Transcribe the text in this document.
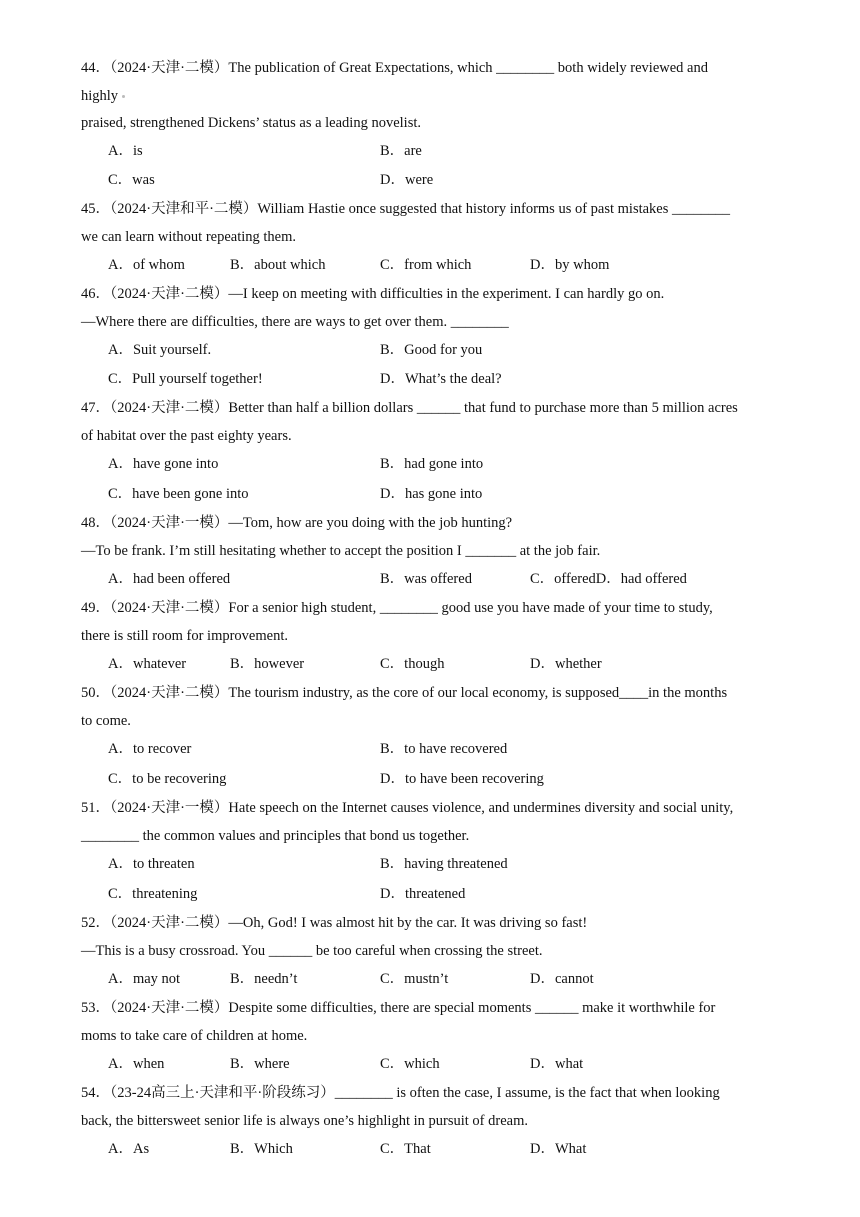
44．（2024·天津·二模）The publication of Great Expectations, which ________ both widely reviewed and
highly
praised, strengthened Dickens’ status as a leading novelist.
A．is	B．are
C．was	D．were
45．（2024·天津和平·二模）William Hastie once suggested that history informs us of past mistakes ________
we can learn without repeating them.
A．of whom	B．about which	C．from which	D．by whom
46．（2024·天津·二模）—I keep on meeting with difficulties in the experiment. I can hardly go on.
—Where there are difficulties, there are ways to get over them. ________
A．Suit yourself.	B．Good for you
C．Pull yourself together!	D．What’s the deal?
47．（2024·天津·二模）Better than half a billion dollars ______ that fund to purchase more than 5 million acres
of habitat over the past eighty years.
A．have gone into	B．had gone into
C．have been gone into	D．has gone into
48．（2024·天津·一模）—Tom, how are you doing with the job hunting?
—To be frank. I’m still hesitating whether to accept the position I _______ at the job fair.
A．had been offered	B．was offered	C．offeredD．had offered
49．（2024·天津·二模）For a senior high student, ________ good use you have made of your time to study,
there is still room for improvement.
A．whatever	B．however	C．though	D．whether
50．（2024·天津·二模）The tourism industry, as the core of our local economy, is supposed____in the months
to come.
A．to recover	B．to have recovered
C．to be recovering	D．to have been recovering
51．（2024·天津·一模）Hate speech on the Internet causes violence, and undermines diversity and social unity,
________ the common values and principles that bond us together.
A．to threaten	B．having threatened
C．threatening	D．threatened
52．（2024·天津·二模）—Oh, God! I was almost hit by the car. It was driving so fast!
—This is a busy crossroad. You ______ be too careful when crossing the street.
A．may not	B．needn’t	C．mustn’t	D．cannot
53．（2024·天津·二模）Despite some difficulties, there are special moments ______ make it worthwhile for
moms to take care of children at home.
A．when	B．where	C．which	D．what
54．（23-24高三上·天津和平·阶段练习）________ is often the case, I assume, is the fact that when looking
back, the bittersweet senior life is always one’s highlight in pursuit of dream.
A．As	B．Which	C．That	D．What
